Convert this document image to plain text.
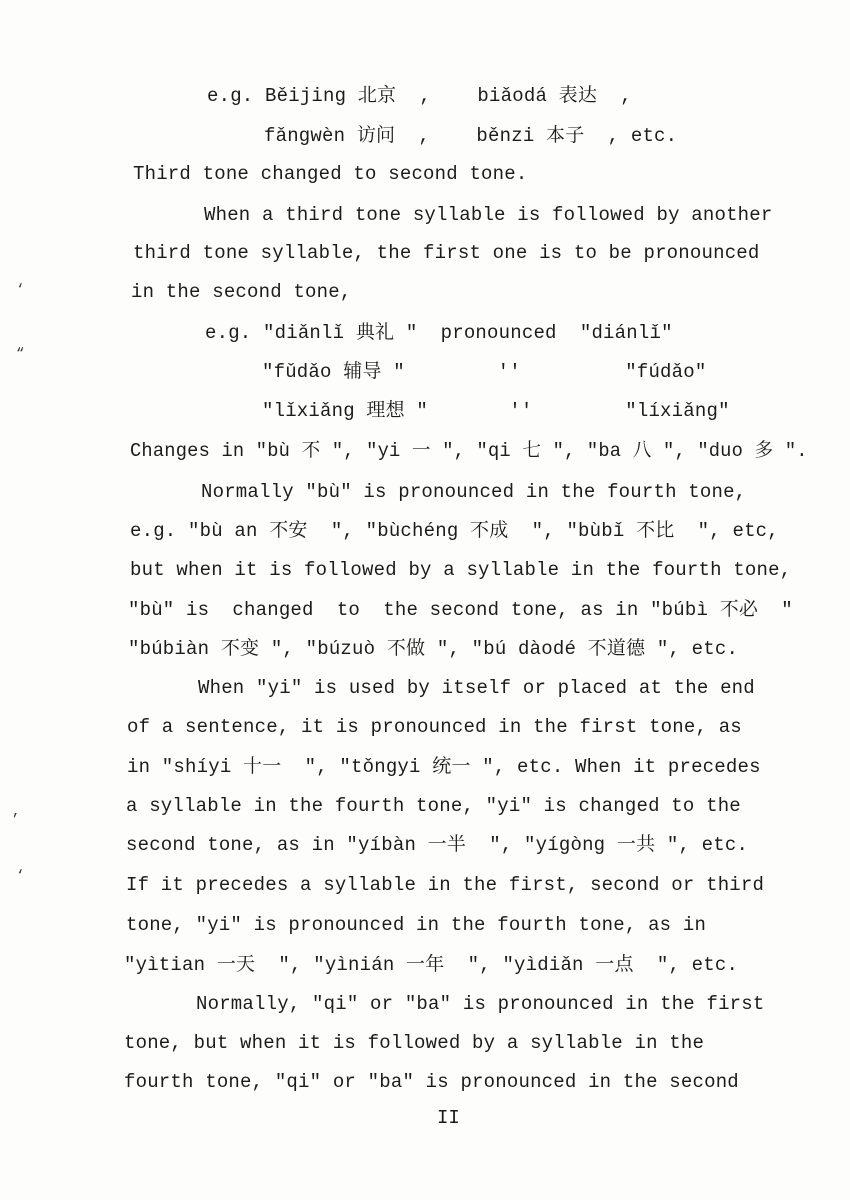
‘
“
,
‘
e.g. Běijing 北京  ,    biǎodá 表达  ,
fǎngwèn 访问  ,    běnzi 本子  , etc.
Third tone changed to second tone.
When a third tone syllable is followed by another
third tone syllable, the first one is to be pronounced
in the second tone,
e.g. "diǎnlǐ 典礼 "  pronounced  "diánlǐ"
"fǔdǎo 辅导 "        ''         "fúdǎo"
"lǐxiǎng 理想 "       ''        "líxiǎng"
Changes in "bù 不 ", "yi 一 ", "qi 七 ", "ba 八 ", "duo 多 ".
Normally "bù" is pronounced in the fourth tone,
e.g. "bù an 不安  ", "bùchéng 不成  ", "bùbǐ 不比  ", etc,
but when it is followed by a syllable in the fourth tone,
"bù" is  changed  to  the second tone, as in "búbì 不必  "
"búbiàn 不变 ", "búzuò 不做 ", "bú dàodé 不道德 ", etc.
When "yi" is used by itself or placed at the end
of a sentence, it is pronounced in the first tone, as
in "shíyi 十一  ", "tǒngyi 统一 ", etc. When it precedes
a syllable in the fourth tone, "yi" is changed to the
second tone, as in "yíbàn 一半  ", "yígòng 一共 ", etc.
If it precedes a syllable in the first, second or third
tone, "yi" is pronounced in the fourth tone, as in
"yìtian 一天  ", "yìnián 一年  ", "yìdiǎn 一点  ", etc.
Normally, "qi" or "ba" is pronounced in the first
tone, but when it is followed by a syllable in the
fourth tone, "qi" or "ba" is pronounced in the second
II
